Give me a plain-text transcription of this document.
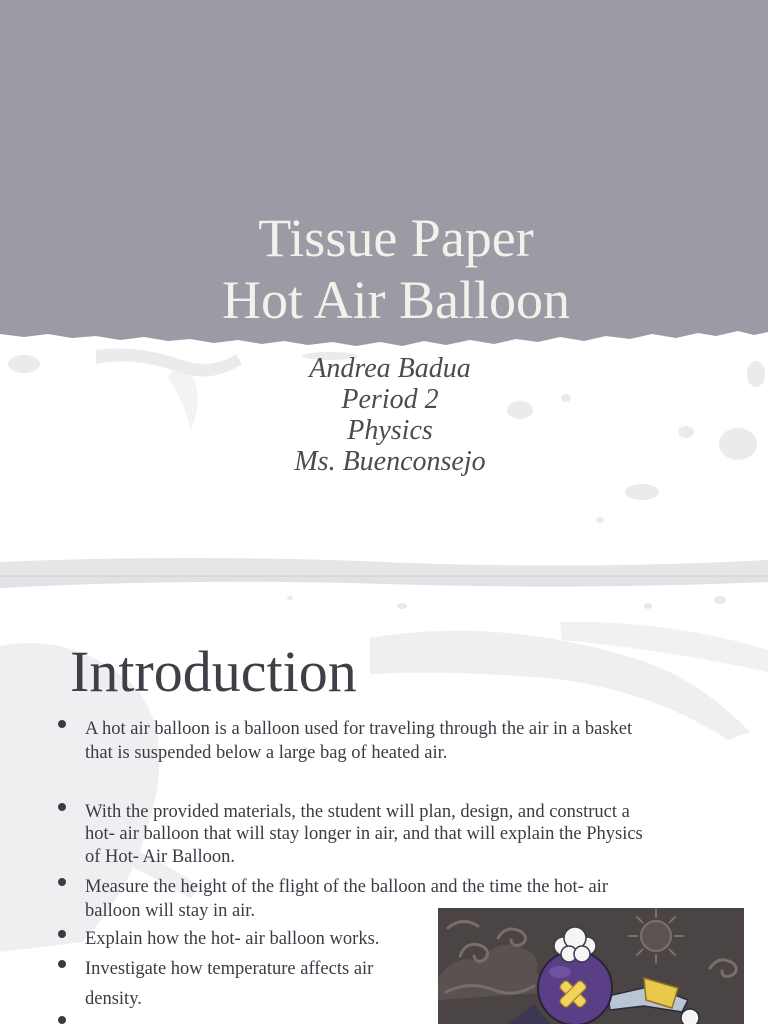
Tissue Paper
Hot Air Balloon
Andrea Badua
Period 2
Physics
Ms. Buenconsejo
Introduction
A hot air balloon is a balloon used for traveling through the air in a basket
that is suspended below a large bag of heated air.
With the provided materials, the student will plan, design, and construct a
hot- air balloon that will stay longer in air, and that will explain the Physics
of Hot- Air Balloon.
Measure the height of the flight of the balloon and the time the hot- air
balloon will stay in air.
Explain how the hot- air balloon works.
Investigate how temperature affects air
density.
